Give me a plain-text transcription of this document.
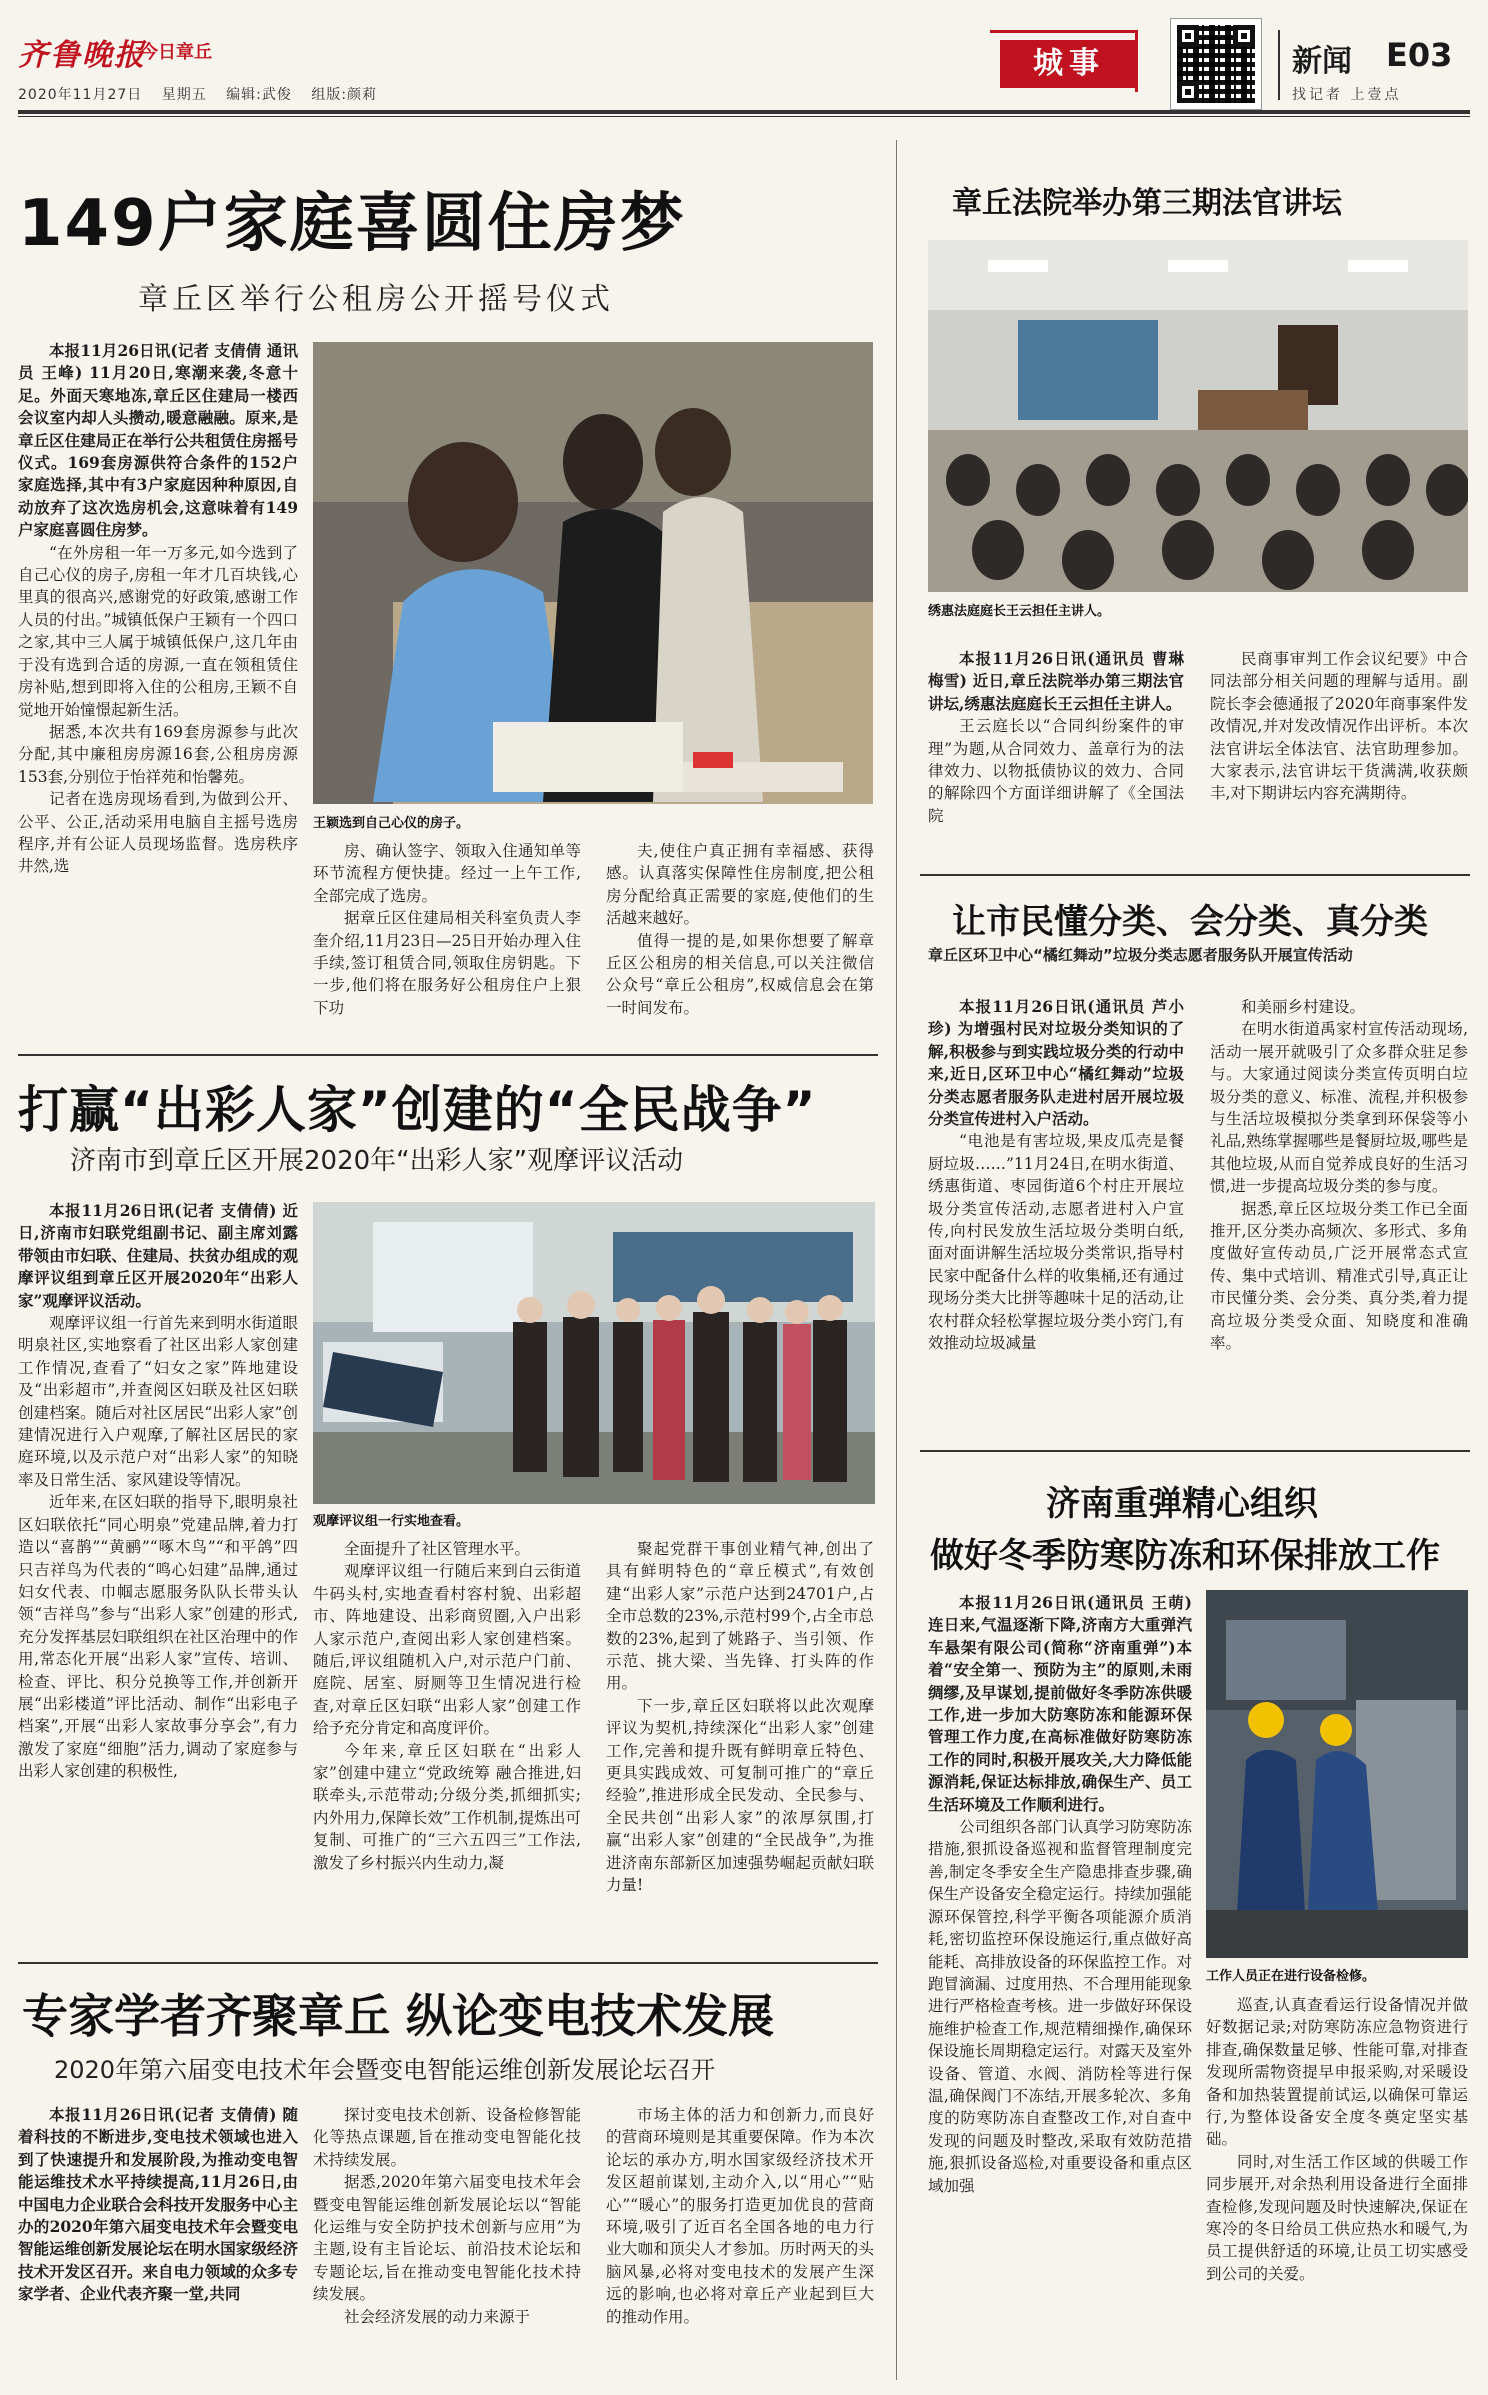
齐鲁晚报
今日章丘
2020年11月27日 星期五 编辑:武俊 组版:颜莉
城事	新闻 E03
找记者 上壹点
149户家庭喜圆住房梦
章丘区举行公租房公开摇号仪式
王颖选到自己心仪的房子。

本报11月26日讯(记者 支倩倩 通讯员 王峰) 11月20日,寒潮来袭,冬意十足。外面天寒地冻,章丘区住建局一楼西会议室内却人头攒动,暖意融融。原来,是章丘区住建局正在举行公共租赁住房摇号仪式。169套房源供符合条件的152户家庭选择,其中有3户家庭因种种原因,自动放弃了这次选房机会,这意味着有149户家庭喜圆住房梦。

“在外房租一年一万多元,如今选到了自己心仪的房子,房租一年才几百块钱,心里真的很高兴,感谢党的好政策,感谢工作人员的付出。”城镇低保户王颖有一个四口之家,其中三人属于城镇低保户,这几年由于没有选到合适的房源,一直在领租赁住房补贴,想到即将入住的公租房,王颖不自觉地开始憧憬起新生活。

据悉,本次共有169套房源参与此次分配,其中廉租房房源16套,公租房房源153套,分别位于怡祥苑和怡馨苑。

记者在选房现场看到,为做到公开、公平、公正,活动采用电脑自主摇号选房程序,并有公证人员现场监督。选房秩序井然,选

房、确认签字、领取入住通知单等环节流程方便快捷。经过一上午工作,全部完成了选房。

据章丘区住建局相关科室负责人李奎介绍,11月23日—25日开始办理入住手续,签订租赁合同,领取住房钥匙。下一步,他们将在服务好公租房住户上狠下功

夫,使住户真正拥有幸福感、获得感。认真落实保障性住房制度,把公租房分配给真正需要的家庭,使他们的生活越来越好。

值得一提的是,如果你想要了解章丘区公租房的相关信息,可以关注微信公众号“章丘公租房”,权威信息会在第一时间发布。

打赢“出彩人家”创建的“全民战争”
济南市到章丘区开展2020年“出彩人家”观摩评议活动
观摩评议组一行实地查看。

本报11月26日讯(记者 支倩倩) 近日,济南市妇联党组副书记、副主席刘露带领由市妇联、住建局、扶贫办组成的观摩评议组到章丘区开展2020年“出彩人家”观摩评议活动。

观摩评议组一行首先来到明水街道眼明泉社区,实地察看了社区出彩人家创建工作情况,查看了“妇女之家”阵地建设及“出彩超市”,并查阅区妇联及社区妇联创建档案。随后对社区居民“出彩人家”创建情况进行入户观摩,了解社区居民的家庭环境,以及示范户对“出彩人家”的知晓率及日常生活、家风建设等情况。

近年来,在区妇联的指导下,眼明泉社区妇联依托“同心明泉”党建品牌,着力打造以“喜鹊”“黄鹂”“啄木鸟”“和平鸽”四只吉祥鸟为代表的“鸣心妇建”品牌,通过妇女代表、巾帼志愿服务队队长带头认领“吉祥鸟”参与“出彩人家”创建的形式,充分发挥基层妇联组织在社区治理中的作用,常态化开展“出彩人家”宣传、培训、检查、评比、积分兑换等工作,并创新开展“出彩楼道”评比活动、制作“出彩电子档案”,开展“出彩人家故事分享会”,有力激发了家庭“细胞”活力,调动了家庭参与出彩人家创建的积极性,

全面提升了社区管理水平。

观摩评议组一行随后来到白云街道牛码头村,实地查看村容村貌、出彩超市、阵地建设、出彩商贸圈,入户出彩人家示范户,查阅出彩人家创建档案。随后,评议组随机入户,对示范户门前、庭院、居室、厨厕等卫生情况进行检查,对章丘区妇联“出彩人家”创建工作给予充分肯定和高度评价。

今年来,章丘区妇联在“出彩人家”创建中建立“党政统筹 融合推进,妇联牵头,示范带动;分级分类,抓细抓实;内外用力,保障长效”工作机制,提炼出可复制、可推广的“三六五四三”工作法,激发了乡村振兴内生动力,凝

聚起党群干事创业精气神,创出了具有鲜明特色的“章丘模式”,有效创建“出彩人家”示范户达到24701户,占全市总数的23%,示范村99个,占全市总数的23%,起到了姚路子、当引领、作示范、挑大梁、当先锋、打头阵的作用。

下一步,章丘区妇联将以此次观摩评议为契机,持续深化“出彩人家”创建工作,完善和提升既有鲜明章丘特色、更具实践成效、可复制可推广的“章丘经验”,推进形成全民发动、全民参与、全民共创“出彩人家”的浓厚氛围,打赢“出彩人家”创建的“全民战争”,为推进济南东部新区加速强势崛起贡献妇联力量!

专家学者齐聚章丘 纵论变电技术发展
2020年第六届变电技术年会暨变电智能运维创新发展论坛召开

本报11月26日讯(记者 支倩倩) 随着科技的不断进步,变电技术领域也进入到了快速提升和发展阶段,为推动变电智能运维技术水平持续提高,11月26日,由中国电力企业联合会科技开发服务中心主办的2020年第六届变电技术年会暨变电智能运维创新发展论坛在明水国家级经济技术开发区召开。来自电力领域的众多专家学者、企业代表齐聚一堂,共同

探讨变电技术创新、设备检修智能化等热点课题,旨在推动变电智能化技术持续发展。

据悉,2020年第六届变电技术年会暨变电智能运维创新发展论坛以“智能化运维与安全防护技术创新与应用”为主题,设有主旨论坛、前沿技术论坛和专题论坛,旨在推动变电智能化技术持续发展。

社会经济发展的动力来源于

市场主体的活力和创新力,而良好的营商环境则是其重要保障。作为本次论坛的承办方,明水国家级经济技术开发区超前谋划,主动介入,以“用心”“贴心”“暖心”的服务打造更加优良的营商环境,吸引了近百名全国各地的电力行业大咖和顶尖人才参加。历时两天的头脑风暴,必将对变电技术的发展产生深远的影响,也必将对章丘产业起到巨大的推动作用。

章丘法院举办第三期法官讲坛
绣惠法庭庭长王云担任主讲人。

本报11月26日讯(通讯员 曹琳 梅雪) 近日,章丘法院举办第三期法官讲坛,绣惠法庭庭长王云担任主讲人。

王云庭长以“合同纠纷案件的审理”为题,从合同效力、盖章行为的法律效力、以物抵债协议的效力、合同的解除四个方面详细讲解了《全国法院

民商事审判工作会议纪要》中合同法部分相关问题的理解与适用。副院长李会德通报了2020年商事案件发改情况,并对发改情况作出评析。本次法官讲坛全体法官、法官助理参加。大家表示,法官讲坛干货满满,收获颇丰,对下期讲坛内容充满期待。

让市民懂分类、会分类、真分类
章丘区环卫中心“橘红舞动”垃圾分类志愿者服务队开展宣传活动

本报11月26日讯(通讯员 芦小珍) 为增强村民对垃圾分类知识的了解,积极参与到实践垃圾分类的行动中来,近日,区环卫中心“橘红舞动”垃圾分类志愿者服务队走进村居开展垃圾分类宣传进村入户活动。

“电池是有害垃圾,果皮瓜壳是餐厨垃圾……”11月24日,在明水街道、绣惠街道、枣园街道6个村庄开展垃圾分类宣传活动,志愿者进村入户宣传,向村民发放生活垃圾分类明白纸,面对面讲解生活垃圾分类常识,指导村民家中配备什么样的收集桶,还有通过现场分类大比拼等趣味十足的活动,让农村群众轻松掌握垃圾分类小窍门,有效推动垃圾减量

和美丽乡村建设。

在明水街道禹家村宣传活动现场,活动一展开就吸引了众多群众驻足参与。大家通过阅读分类宣传页明白垃圾分类的意义、标准、流程,并积极参与生活垃圾模拟分类拿到环保袋等小礼品,熟练掌握哪些是餐厨垃圾,哪些是其他垃圾,从而自觉养成良好的生活习惯,进一步提高垃圾分类的参与度。

据悉,章丘区垃圾分类工作已全面推开,区分类办高频次、多形式、多角度做好宣传动员,广泛开展常态式宣传、集中式培训、精准式引导,真正让市民懂分类、会分类、真分类,着力提高垃圾分类受众面、知晓度和准确率。

济南重弹精心组织
做好冬季防寒防冻和环保排放工作
工作人员正在进行设备检修。

本报11月26日讯(通讯员 王萌) 连日来,气温逐渐下降,济南方大重弹汽车悬架有限公司(简称“济南重弹”)本着“安全第一、预防为主”的原则,未雨绸缪,及早谋划,提前做好冬季防冻供暖工作,进一步加大防寒防冻和能源环保管理工作力度,在高标准做好防寒防冻工作的同时,积极开展攻关,大力降低能源消耗,保证达标排放,确保生产、员工生活环境及工作顺利进行。

公司组织各部门认真学习防寒防冻措施,狠抓设备巡视和监督管理制度完善,制定冬季安全生产隐患排查步骤,确保生产设备安全稳定运行。持续加强能源环保管控,科学平衡各项能源介质消耗,密切监控环保设施运行,重点做好高能耗、高排放设备的环保监控工作。对跑冒滴漏、过度用热、不合理用能现象进行严格检查考核。进一步做好环保设施维护检查工作,规范精细操作,确保环保设施长周期稳定运行。对露天及室外设备、管道、水阀、消防栓等进行保温,确保阀门不冻结,开展多轮次、多角度的防寒防冻自查整改工作,对自查中发现的问题及时整改,采取有效防范措施,狠抓设备巡检,对重要设备和重点区域加强

巡查,认真查看运行设备情况并做好数据记录;对防寒防冻应急物资进行排查,确保数量足够、性能可靠,对排查发现所需物资提早申报采购,对采暖设备和加热装置提前试运,以确保可靠运行,为整体设备安全度冬奠定坚实基础。

同时,对生活工作区域的供暖工作同步展开,对余热利用设备进行全面排查检修,发现问题及时快速解决,保证在寒冷的冬日给员工供应热水和暖气,为员工提供舒适的环境,让员工切实感受到公司的关爱。
